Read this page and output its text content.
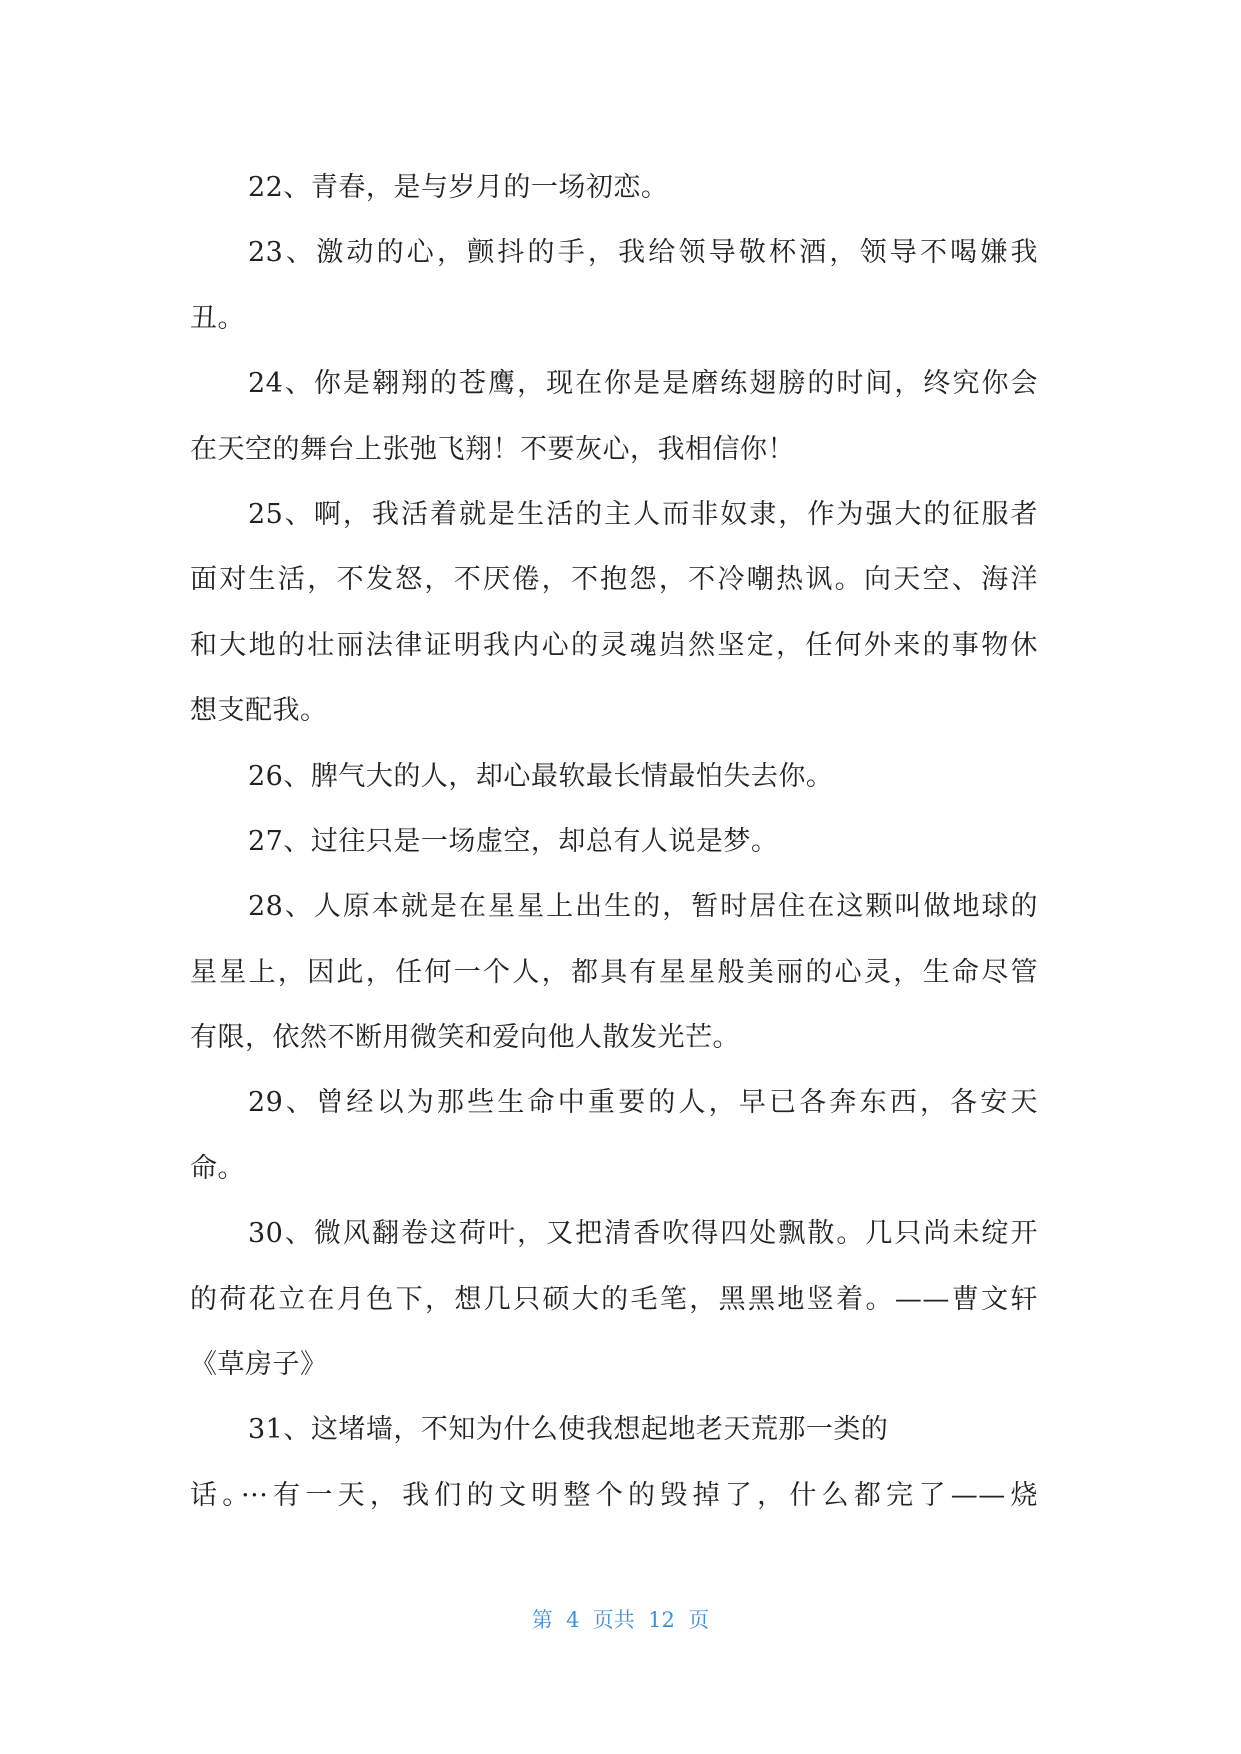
22、青春，是与岁月的一场初恋。
23、激动的心，颤抖的手，我给领导敬杯酒，领导不喝嫌我
丑。
24、你是翱翔的苍鹰，现在你是是磨练翅膀的时间，终究你会
在天空的舞台上张弛飞翔！不要灰心，我相信你！
25、啊，我活着就是生活的主人而非奴隶，作为强大的征服者
面对生活，不发怒，不厌倦，不抱怨，不冷嘲热讽。向天空、海洋
和大地的壮丽法律证明我内心的灵魂岿然坚定，任何外来的事物休
想支配我。
26、脾气大的人，却心最软最长情最怕失去你。
27、过往只是一场虚空，却总有人说是梦。
28、人原本就是在星星上出生的，暂时居住在这颗叫做地球的
星星上，因此，任何一个人，都具有星星般美丽的心灵，生命尽管
有限，依然不断用微笑和爱向他人散发光芒。
29、曾经以为那些生命中重要的人，早已各奔东西，各安天
命。
30、微风翻卷这荷叶，又把清香吹得四处飘散。几只尚未绽开
的荷花立在月色下，想几只硕大的毛笔，黑黑地竖着。——曹文轩
《草房子》
31、这堵墙，不知为什么使我想起地老天荒那一类的
话。···有一天，我们的文明整个的毁掉了，什么都完了——烧
第  4  页共  12  页
